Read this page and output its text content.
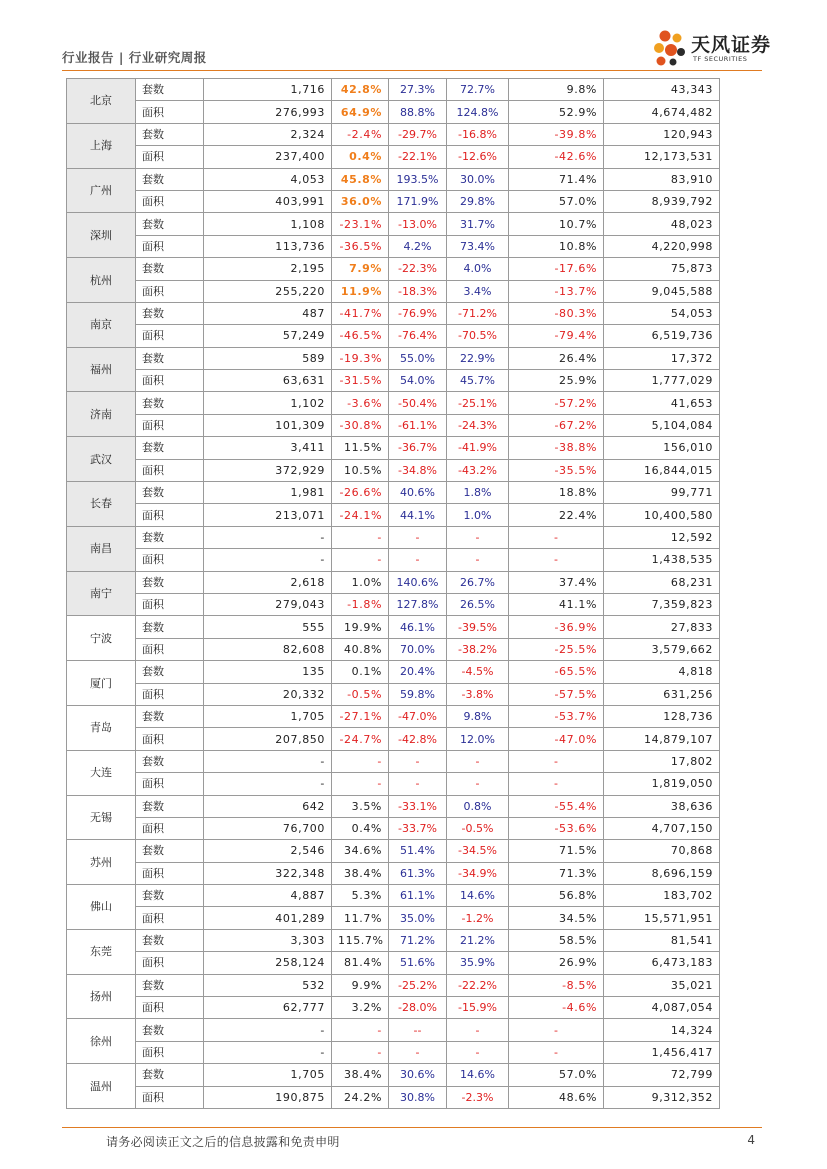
行业报告 | 行业研究周报
天风证券
TF SECURITIES
北京	套数	1,716	42.8%	27.3%	72.7%	9.8%	43,343	
	面积	276,993	64.9%	88.8%	124.8%	52.9%	4,674,482	
上海	套数	2,324	-2.4%	-29.7%	-16.8%	-39.8%	120,943	
	面积	237,400	0.4%	-22.1%	-12.6%	-42.6%	12,173,531	
广州	套数	4,053	45.8%	193.5%	30.0%	71.4%	83,910	
	面积	403,991	36.0%	171.9%	29.8%	57.0%	8,939,792	
深圳	套数	1,108	-23.1%	-13.0%	31.7%	10.7%	48,023	
	面积	113,736	-36.5%	4.2%	73.4%	10.8%	4,220,998	
杭州	套数	2,195	7.9%	-22.3%	4.0%	-17.6%	75,873	
	面积	255,220	11.9%	-18.3%	3.4%	-13.7%	9,045,588	
南京	套数	487	-41.7%	-76.9%	-71.2%	-80.3%	54,053	
	面积	57,249	-46.5%	-76.4%	-70.5%	-79.4%	6,519,736	
福州	套数	589	-19.3%	55.0%	22.9%	26.4%	17,372	
	面积	63,631	-31.5%	54.0%	45.7%	25.9%	1,777,029	
济南	套数	1,102	-3.6%	-50.4%	-25.1%	-57.2%	41,653	
	面积	101,309	-30.8%	-61.1%	-24.3%	-67.2%	5,104,084	
武汉	套数	3,411	11.5%	-36.7%	-41.9%	-38.8%	156,010	
	面积	372,929	10.5%	-34.8%	-43.2%	-35.5%	16,844,015	
长春	套数	1,981	-26.6%	40.6%	1.8%	18.8%	99,771	
	面积	213,071	-24.1%	44.1%	1.0%	22.4%	10,400,580	
南昌	套数	-	-	-	-	-	12,592	
	面积	-	-	-	-	-	1,438,535	
南宁	套数	2,618	1.0%	140.6%	26.7%	37.4%	68,231	
	面积	279,043	-1.8%	127.8%	26.5%	41.1%	7,359,823	
宁波	套数	555	19.9%	46.1%	-39.5%	-36.9%	27,833	
	面积	82,608	40.8%	70.0%	-38.2%	-25.5%	3,579,662	
厦门	套数	135	0.1%	20.4%	-4.5%	-65.5%	4,818	
	面积	20,332	-0.5%	59.8%	-3.8%	-57.5%	631,256	
青岛	套数	1,705	-27.1%	-47.0%	9.8%	-53.7%	128,736	
	面积	207,850	-24.7%	-42.8%	12.0%	-47.0%	14,879,107	
大连	套数	-	-	-	-	-	17,802	
	面积	-	-	-	-	-	1,819,050	
无锡	套数	642	3.5%	-33.1%	0.8%	-55.4%	38,636	
	面积	76,700	0.4%	-33.7%	-0.5%	-53.6%	4,707,150	
苏州	套数	2,546	34.6%	51.4%	-34.5%	71.5%	70,868	
	面积	322,348	38.4%	61.3%	-34.9%	71.3%	8,696,159	
佛山	套数	4,887	5.3%	61.1%	14.6%	56.8%	183,702	
	面积	401,289	11.7%	35.0%	-1.2%	34.5%	15,571,951	
东莞	套数	3,303	115.7%	71.2%	21.2%	58.5%	81,541	
	面积	258,124	81.4%	51.6%	35.9%	26.9%	6,473,183	
扬州	套数	532	9.9%	-25.2%	-22.2%	-8.5%	35,021	
	面积	62,777	3.2%	-28.0%	-15.9%	-4.6%	4,087,054	
徐州	套数	-	-	--	-	-	14,324	
	面积	-	-	-	-	-	1,456,417	
温州	套数	1,705	38.4%	30.6%	14.6%	57.0%	72,799	
	面积	190,875	24.2%	30.8%	-2.3%	48.6%	9,312,352	
请务必阅读正文之后的信息披露和免责申明	4
